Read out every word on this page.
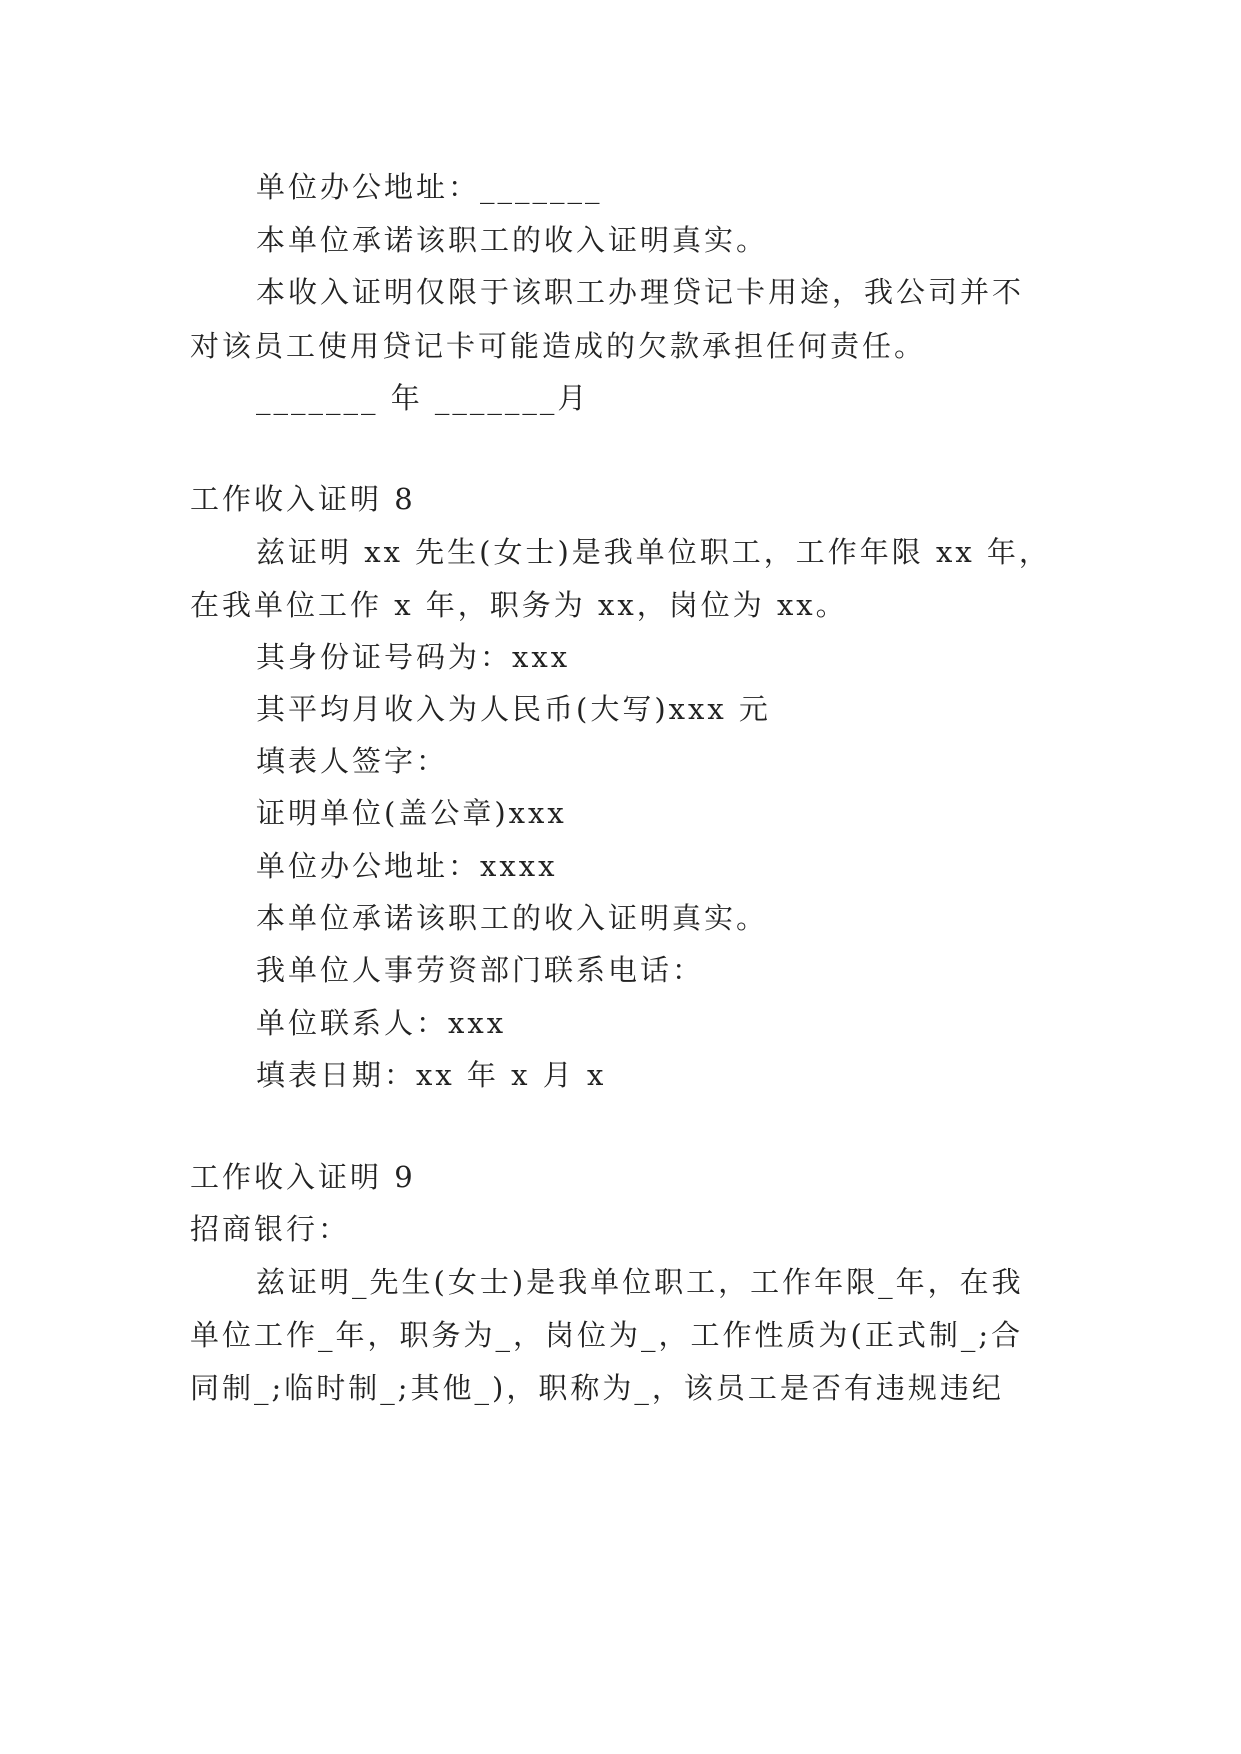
单位办公地址：_______
本单位承诺该职工的收入证明真实。
本收入证明仅限于该职工办理贷记卡用途，我公司并不
对该员工使用贷记卡可能造成的欠款承担任何责任。
_______ 年 _______月
工作收入证明 8
兹证明 xx 先生(女士)是我单位职工，工作年限 xx 年，
在我单位工作 x 年，职务为 xx，岗位为 xx。
其身份证号码为：xxx
其平均月收入为人民币(大写)xxx 元
填表人签字：
证明单位(盖公章)xxx
单位办公地址：xxxx
本单位承诺该职工的收入证明真实。
我单位人事劳资部门联系电话：
单位联系人：xxx
填表日期：xx 年 x 月 x
工作收入证明 9
招商银行：
兹证明_先生(女士)是我单位职工，工作年限_年，在我
单位工作_年，职务为_，岗位为_，工作性质为(正式制_;合
同制_;临时制_;其他_)，职称为_，该员工是否有违规违纪
